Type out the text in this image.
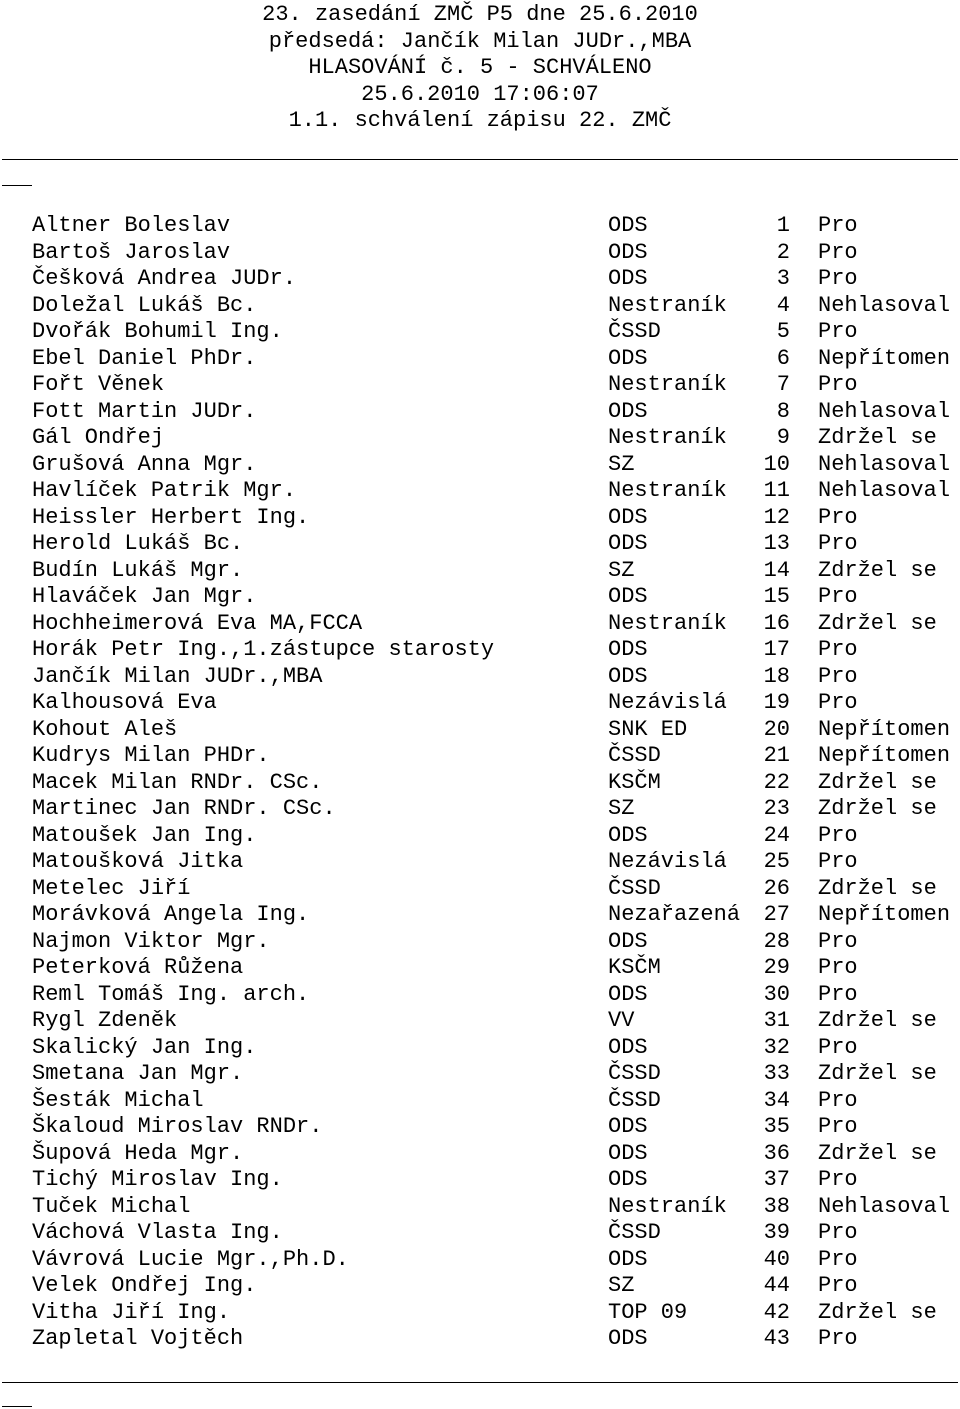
23. zasedání ZMČ P5 dne 25.6.2010
předsedá: Jančík Milan JUDr.,MBA
HLASOVÁNÍ č. 5 - SCHVÁLENO
25.6.2010 17:06:07
1.1. schválení zápisu 22. ZMČ
Altner Boleslav	ODS	1 Pro
Bartoš Jaroslav	ODS	2 Pro
Češková Andrea JUDr.	ODS	3 Pro
Doležal Lukáš Bc.	Nestraník	4 Nehlasoval
Dvořák Bohumil Ing.	ČSSD	5 Pro
Ebel Daniel PhDr.	ODS	6 Nepřítomen
Fořt Věnek	Nestraník	7 Pro
Fott Martin JUDr.	ODS	8 Nehlasoval
Gál Ondřej	Nestraník	9 Zdržel se
Grušová Anna Mgr.	SZ	10 Nehlasoval
Havlíček Patrik Mgr.	Nestraník 11 Nehlasoval
Heissler Herbert Ing.	ODS	12 Pro
Herold Lukáš Bc.	ODS	13 Pro
Budín Lukáš Mgr.	SZ	14 Zdržel se
Hlaváček Jan Mgr.	ODS	15 Pro
Hochheimerová Eva MA,FCCA	Nestraník 16 Zdržel se
Horák Petr Ing.,1.zástupce starosty	ODS	17 Pro
Jančík Milan JUDr.,MBA	ODS	18 Pro
Kalhousová Eva	Nezávislá 19 Pro
Kohout Aleš	SNK ED	20 Nepřítomen
Kudrys Milan PHDr.	ČSSD	21 Nepřítomen
Macek Milan RNDr. CSc.	KSČM	22 Zdržel se
Martinec Jan RNDr. CSc.	SZ	23 Zdržel se
Matoušek Jan Ing.	ODS	24 Pro
Matoušková Jitka	Nezávislá 25 Pro
Metelec Jiří	ČSSD	26 Zdržel se
Morávková Angela Ing.	Nezařazená 27 Nepřítomen
Najmon Viktor Mgr.	ODS	28 Pro
Peterková Růžena	KSČM	29 Pro
Reml Tomáš Ing. arch.	ODS	30 Pro
Rygl Zdeněk	VV	31 Zdržel se
Skalický Jan Ing.	ODS	32 Pro
Smetana Jan Mgr.	ČSSD	33 Zdržel se
Šesták Michal	ČSSD	34 Pro
Škaloud Miroslav RNDr.	ODS	35 Pro
Šupová Heda Mgr.	ODS	36 Zdržel se
Tichý Miroslav Ing.	ODS	37 Pro
Tuček Michal	Nestraník 38 Nehlasoval
Váchová Vlasta Ing.	ČSSD	39 Pro
Vávrová Lucie Mgr.,Ph.D.	ODS	40 Pro
Velek Ondřej Ing.	SZ	44 Pro
Vitha Jiří Ing.	TOP 09	42 Zdržel se
Zapletal Vojtěch	ODS	43 Pro
